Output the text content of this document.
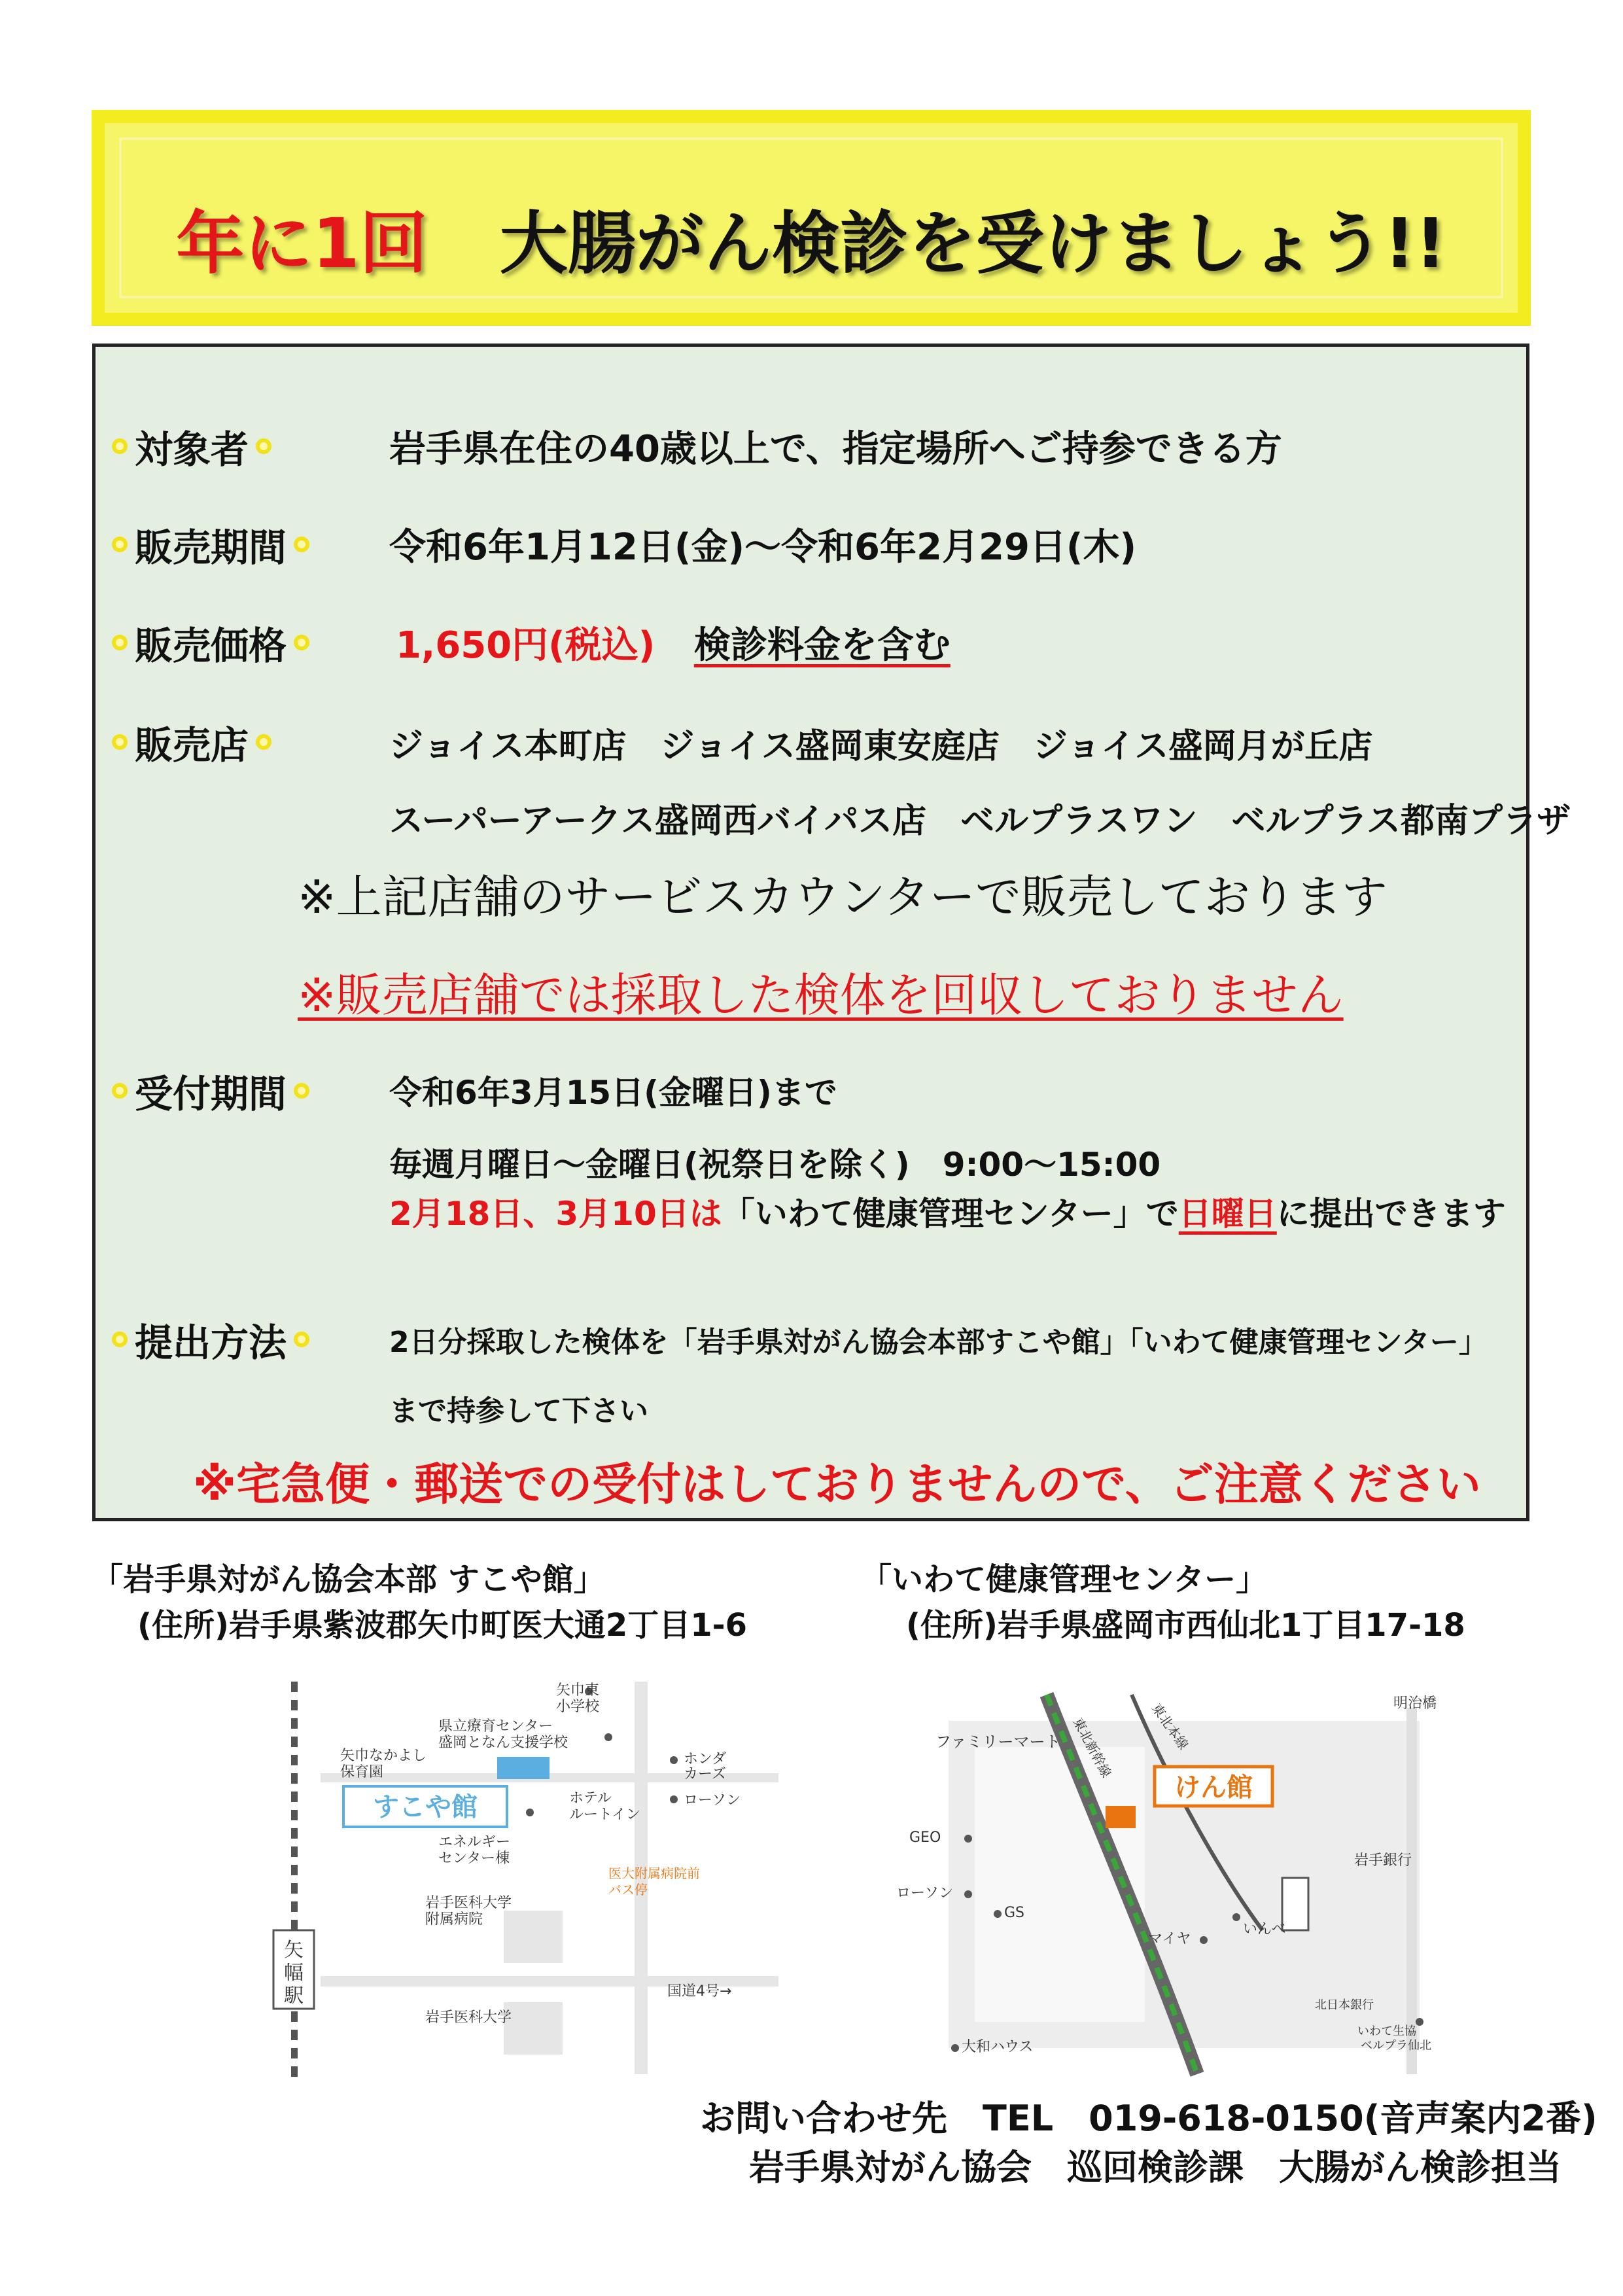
年に1回 大腸がん検診を受けましょう!!
対象者	岩手県在住の40歳以上で、指定場所へご持参できる方
販売期間	令和6年1月12日(金)～令和6年2月29日(木)
販売価格	1,650円(税込) 検診料金を含む
販売店	ジョイス本町店　ジョイス盛岡東安庭店　ジョイス盛岡月が丘店
スーパーアークス盛岡西バイパス店　ベルプラスワン　ベルプラス都南プラザ
※上記店舗のサービスカウンターで販売しております
※販売店舗では採取した検体を回収しておりません
受付期間	令和6年3月15日(金曜日)まで
毎週月曜日～金曜日(祝祭日を除く)　9:00～15:00
2月18日、3月10日は「いわて健康管理センター」で日曜日に提出できます
提出方法	2日分採取した検体を「岩手県対がん協会本部すこや館」「いわて健康管理センター」
まで持参して下さい
※宅急便・郵送での受付はしておりませんので、ご注意ください
「岩手県対がん協会本部 すこや館」
(住所)岩手県紫波郡矢巾町医大通2丁目1-6
「いわて健康管理センター」
(住所)岩手県盛岡市西仙北1丁目17-18
すこや館
矢
幅
駅
矢巾東
小学校
県立療育センター
盛岡となん支援学校
矢巾なかよし
保育園
ホンダ
カーズ
ホテル
ルートイン
ローソン
エネルギー
センター棟
岩手医科大学
附属病院
医大附属病院前
バス停
国道4号→
岩手医科大学
けん館
ファミリーマート 東北新幹線	東北本線	明治橋
GEO
ローソン
GS
岩手銀行
いんべ
マイヤ
北日本銀行
いわて生協
ベルプラ仙北
大和ハウス
お問い合わせ先　TEL　019-618-0150(音声案内2番)
岩手県対がん協会　巡回検診課　大腸がん検診担当
